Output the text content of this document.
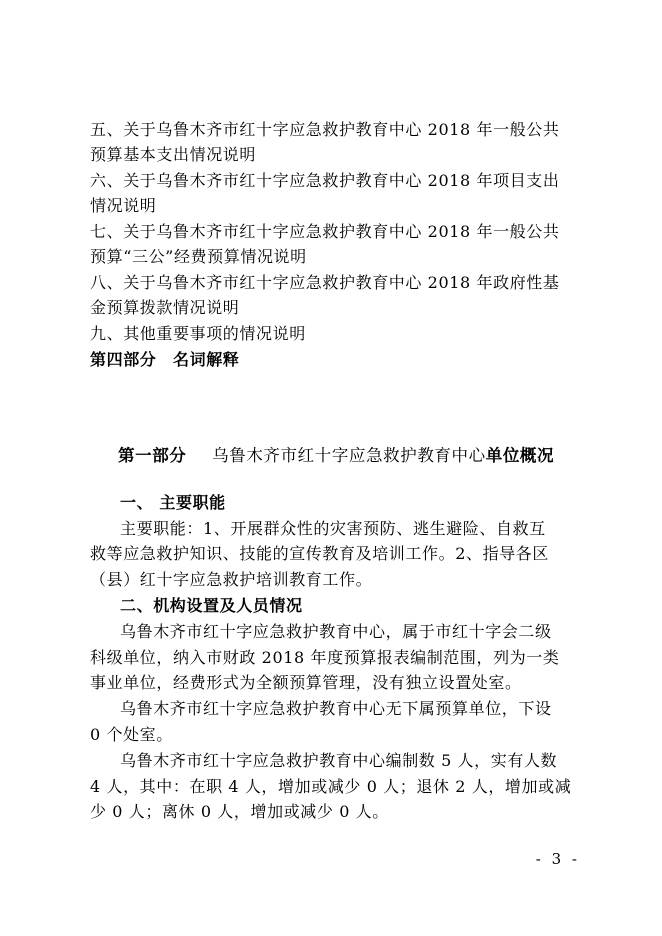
五、关于乌鲁木齐市红十字应急救护教育中心 2018 年一般公共
预算基本支出情况说明
六、关于乌鲁木齐市红十字应急救护教育中心 2018 年项目支出
情况说明
七、关于乌鲁木齐市红十字应急救护教育中心 2018 年一般公共
预算“三公”经费预算情况说明
八、关于乌鲁木齐市红十字应急救护教育中心 2018 年政府性基
金预算拨款情况说明
九、其他重要事项的情况说明
第四部分　名词解释
第一部分 乌鲁木齐市红十字应急救护教育中心单位概况
一、 主要职能
主要职能：1、开展群众性的灾害预防、逃生避险、自救互
救等应急救护知识、技能的宣传教育及培训工作。2、指导各区
（县）红十字应急救护培训教育工作。
二、机构设置及人员情况
乌鲁木齐市红十字应急救护教育中心，属于市红十字会二级
科级单位，纳入市财政 2018 年度预算报表编制范围，列为一类
事业单位，经费形式为全额预算管理，没有独立设置处室。
乌鲁木齐市红十字应急救护教育中心无下属预算单位，下设
0 个处室。
乌鲁木齐市红十字应急救护教育中心编制数 5 人，实有人数
4 人，其中：在职 4 人，增加或减少 0 人；退休 2 人，增加或减
少 0 人；离休 0 人，增加或减少 0 人。
- 3 -
